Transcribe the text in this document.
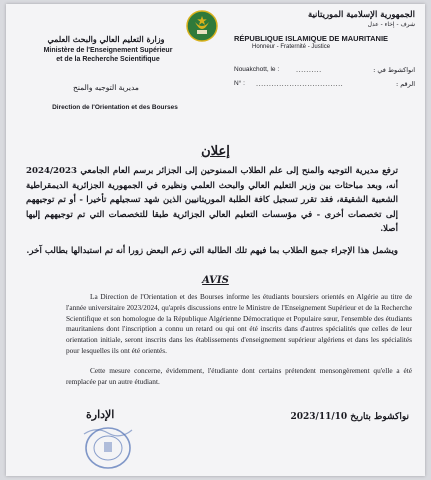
الجمهورية الإسلامية الموريتانية
شرف - إخاء - عدل
RÉPUBLIQUE ISLAMIQUE DE MAURITANIE
Honneur - Fraternité - Justice
وزارة التعليم العالي والبحث العلمي
Ministère de l'Enseignement Supérieur
et de la Recherche Scientifique
مديرية التوجيه والمنح
Direction de l'Orientation et des Bourses
Nouakchott, le :	..........	انواكشوط في :
N° : ..................................	الرقم :
إعلان
ترفع مديرية التوجيه والمنح إلى علم الطلاب الممنوحين إلى الجزائر برسم العام الجامعي 2024/2023 أنه، وبعد مباحثات بين وزير التعليم العالي والبحث العلمي ونظيره في الجمهورية الجزائرية الديمقراطية الشعبية الشقيقة، فقد تقرر تسجيل كافة الطلبة الموريتانيين الذين شهد تسجيلهم تأخيرا - أو تم توجيههم إلى تخصصات أخرى - في مؤسسات التعليم العالي الجزائرية طبقا للتخصصات التي تم توجيههم إليها أصلا.
ويشمل هذا الإجراء جميع الطلاب بما فيهم تلك الطالبة التي زعم البعض زورا أنه تم استبدالها بطالب آخر.
AVIS
La Direction de l'Orientation et des Bourses informe les étudiants boursiers orientés en Algérie au titre de l'année universitaire 2023/2024, qu'après discussions entre le Ministre de l'Enseignement Supérieur et de la Recherche Scientifique et son homologue de la République Algérienne Démocratique et Populaire sœur, l'ensemble des étudiants mauritaniens dont l'inscription a connu un retard ou qui ont été inscrits dans d'autres spécialités que celles de leur orientation initiale, seront inscrits dans les établissements d'enseignement supérieur algériens et dans les spécialités pour lesquelles ils ont été orientés.
Cette mesure concerne, évidemment, l'étudiante dont certains prétendent mensongèrement qu'elle a été remplacée par un autre étudiant.
نواكشوط بتاريخ 2023/11/10
الإدارة
